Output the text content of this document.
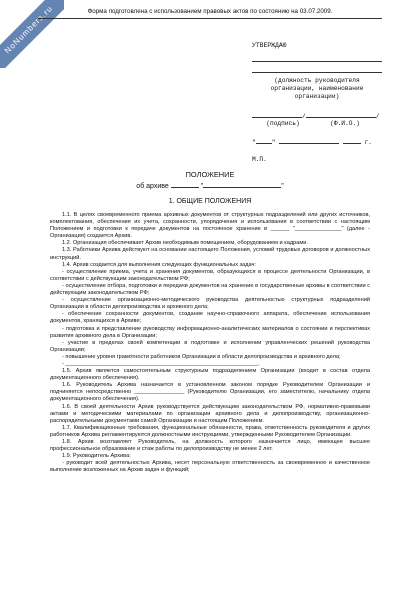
NoNumbers.ru	Форма подготовлена с использованием правовых актов по состоянию на 03.07.2009.
УТВЕРЖДАЮ

(должность руководителя организации, наименование организации)
/	/
(подпись)	(Ф.И.О.)
"	"	г.
М.П.
ПОЛОЖЕНИЕ
об архиве	"	"
1. ОБЩИЕ ПОЛОЖЕНИЯ

1.1. В целях своевременного приема архивных документов от структурных подразделений или других источников, комплектования, обеспечения их учета, сохранности, упорядочения и использования в соответствии с настоящим Положением и подготовки к передаче документов на постоянное хранение в ______ "_______________" (далее - Организация) создается Архив.

1.2. Организация обеспечивает Архив необходимым помещением, оборудованием и кадрами.

1.3. Работники Архива действуют на основании настоящего Положения, условий трудовых договоров и должностных инструкций.

1.4. Архив создается для выполнения следующих функциональных задач:

- осуществление приема, учета и хранения документов, образующихся в процессе деятельности Организации, в соответствии с действующим законодательством РФ;

- осуществление отбора, подготовки и передачи документов на хранение в государственные архивы в соответствии с действующим законодательством РФ;

- осуществление организационно-методического руководства деятельностью структурных подразделений Организации в области делопроизводства и архивного дела;

- обеспечение сохранности документов, создание научно-справочного аппарата, обеспечение использования документов, хранящихся в Архиве;

- подготовка и представление руководству информационно-аналитических материалов о состоянии и перспективах развития архивного дела в Организации;

- участие в пределах своей компетенции в подготовке и исполнении управленческих решений руководства Организации;

- повышение уровня грамотности работников Организации в области делопроизводства и архивного дела;

- ______________________________________________________________.

1.5. Архив является самостоятельным структурным подразделением Организации (входит в состав отдела документационного обеспечения).

1.6. Руководитель Архива назначается в установленном законом порядке Руководителем Организации и подчиняется непосредственно ________________ (Руководителю Организации, его заместителю, начальнику отдела документационного обеспечения).

1.6. В своей деятельности Архив руководствуется действующим законодательством РФ, нормативно-правовыми актами и методическими материалами по организации архивного дела и делопроизводству, организационно-распорядительными документами самой Организации и настоящим Положением.

1.7. Квалификационные требования, функциональные обязанности, права, ответственность руководителя и других работников Архива регламентируются должностными инструкциями, утвержденными Руководителем Организации.

1.8. Архив возглавляет Руководитель, на должность которого назначается лицо, имеющее высшее профессиональное образование и стаж работы по делопроизводству не менее 2 лет.

1.9. Руководитель Архива:

- руководит всей деятельностью Архива, несет персональную ответственность за своевременное и качественное выполнение возложенных на Архив задач и функций;
